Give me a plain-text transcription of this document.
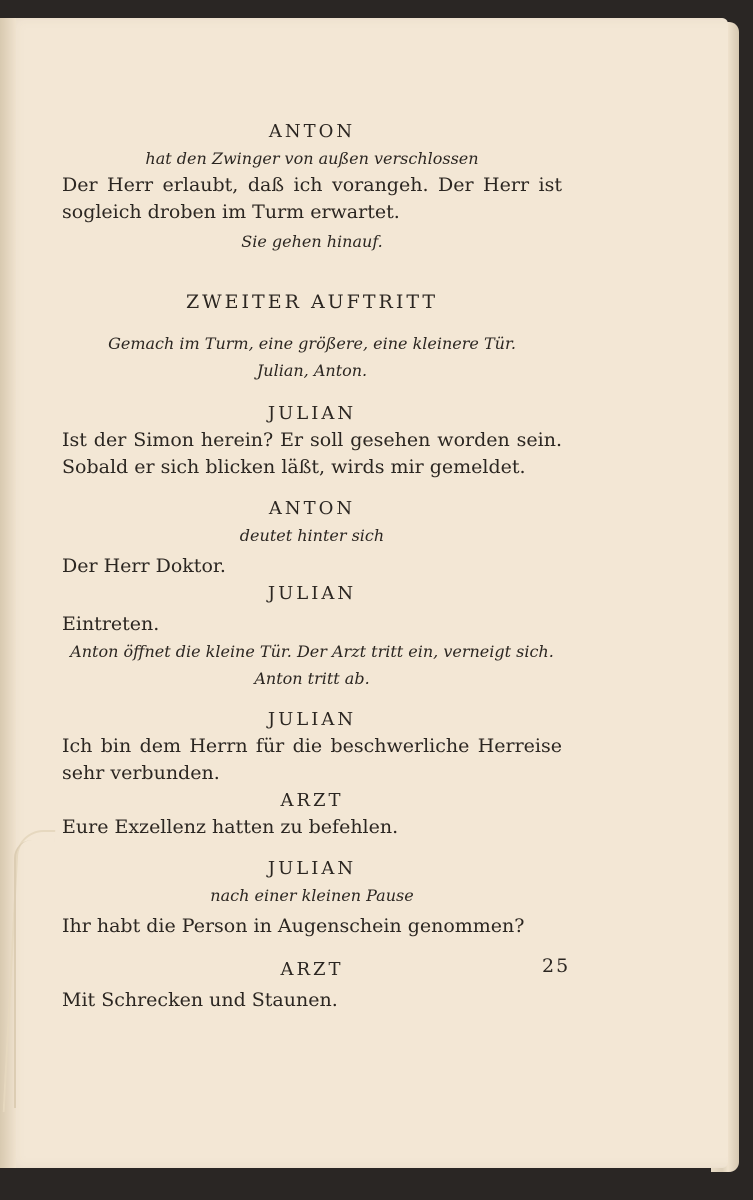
ANTON

hat den Zwinger von außen verschlossen

Der Herr erlaubt, daß ich vorangeh. Der Herr ist sogleich droben im Turm erwartet.

Sie gehen hinauf.

ZWEITER AUFTRITT

Gemach im Turm, eine größere, eine kleinere Tür.

Julian, Anton.

JULIAN

Ist der Simon herein? Er soll gesehen worden sein. Sobald er sich blicken läßt, wirds mir gemeldet.

ANTON

deutet hinter sich

Der Herr Doktor.

JULIAN

Eintreten.

Anton öffnet die kleine Tür. Der Arzt tritt ein, verneigt sich.

Anton tritt ab.

JULIAN

Ich bin dem Herrn für die beschwerliche Herreise sehr verbunden.

ARZT

Eure Exzellenz hatten zu befehlen.

JULIAN

nach einer kleinen Pause

Ihr habt die Person in Augenschein genommen?

ARZT

Mit Schrecken und Staunen.

25
